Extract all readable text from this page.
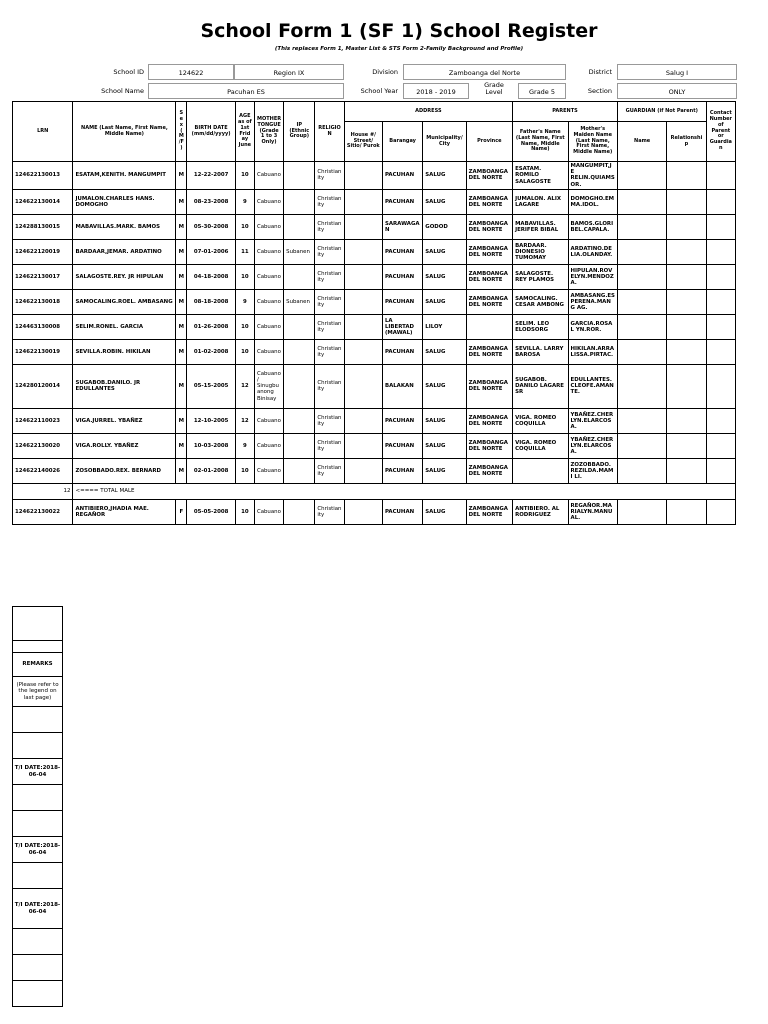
School Form 1 (SF 1) School Register
(This replaces Form 1, Master List & STS Form 2-Family Background and Profile)
School ID	124622	Region IX	Division	Zamboanga del Norte	District	Salug I
School Name	Pacuhan ES	School Year	2018 - 2019
Grade Level	Grade 5	Section	ONLY
LRN	NAME (Last Name, First Name, Middle Name)	Sex (M/F)	BIRTH DATE (mm/dd/yyyy)	AGE as of 1st Friday June	MOTHER TONGUE (Grade 1 to 3 Only)	IP (Ethnic Group)	RELIGION	ADDRESS				PARENTS		GUARDIAN (if Not Parent)		Contact Number of Parent or Guardian
								House #/ Street/ Sitio/ Purok	Barangay	Municipality/ City	Province	Father's Name (Last Name, First Name, Middle Name)	Mother's Maiden Name (Last Name, First Name, Middle Name)	Name	Relationship	
124622130013	ESATAM,KENITH. MANGUMPIT	M	12-22-2007	10	Cabuano		Christianity		PACUHAN	SALUG	ZAMBOANGA DEL NORTE	ESATAM. ROMILO SALAGOSTE	MANGUMPIT,JE RELIN.QUIAMS OR.			
124622130014	JUMALON.CHARLES HANS. DOMOGHO	M	08-23-2008	9	Cabuano		Christianity		PACUHAN	SALUG	ZAMBOANGA DEL NORTE	JUMALON. ALIX LAGARE	DOMOGHO.EM MA.IDOL.			
124288130015	MABAVILLAS.MARK. BAMOS	M	05-30-2008	10	Cabuano		Christianity		SARAWAGAN	GODOD	ZAMBOANGA DEL NORTE	MABAVILLAS. JERIFER BIBAL	BAMOS.GLORI BEL.CAPALA.			
124622120019	BARDAAR,JEMAR. ARDATINO	M	07-01-2006	11	Cabuano	Subanen	Christianity		PACUHAN	SALUG	ZAMBOANGA DEL NORTE	BARDAAR. DIONESIO TUMOMAY	ARDATINO.DE LIA.OLANDAY.			
124622130017	SALAGOSTE.REY. JR HIPULAN	M	04-18-2008	10	Cabuano		Christianity		PACUHAN	SALUG	ZAMBOANGA DEL NORTE	SALAGOSTE. REY PLAMOS	HIPULAN.ROV ELYN.MENDOZA.			
124622130018	SAMOCALING.ROEL. AMBASANG	M	08-18-2008	9	Cabuano	Subanen	Christianity		PACUHAN	SALUG	ZAMBOANGA DEL NORTE	SAMOCALING. CESAR AMBONG	AMBASANG.ES PERENA.MANG AG.			
124463130008	SELIM.RONEL. GARCIA	M	01-26-2008	10	Cabuano		Christianity		LA LIBERTAD (MAWAL)	LILOY		SELIM. LEO ELODSORG	GARCIA.ROSAL YN.ROR.			
124622130019	SEVILLA.ROBIN. HIKILAN	M	01-02-2008	10	Cabuano		Christianity		PACUHAN	SALUG	ZAMBOANGA DEL NORTE	SEVILLA. LARRY BAROSA	HIKILAN.ARRA LISSA.PIRTAC.			
124280120014	SUGABOB.DANILO. JR EDULLANTES	M	05-15-2005	12	Cabuano/ Sinugbuanong Binisay		Christianity		BALAKAN	SALUG	ZAMBOANGA DEL NORTE	SUGABOB. DANILO LAGARE SR	EDULLANTES. CLEOFE.AMAN TE.			
124622110023	VIGA.JURREL. YBAÑEZ	M	12-10-2005	12	Cabuano		Christianity		PACUHAN	SALUG	ZAMBOANGA DEL NORTE	VIGA. ROMEO COQUILLA	YBAÑEZ.CHER LYN.ELARCOS A.			
124622130020	VIGA.ROLLY. YBAÑEZ	M	10-03-2008	9	Cabuano		Christianity		PACUHAN	SALUG	ZAMBOANGA DEL NORTE	VIGA. ROMEO COQUILLA	YBAÑEZ.CHER LYN.ELARCOS A.			
124622140026	ZOSOBBADO.REX. BERNARD	M	02-01-2008	10	Cabuano		Christianity		PACUHAN	SALUG	ZAMBOANGA DEL NORTE		ZOZOBBADO. REZILDA.MAMI LI.			
12	<==== TOTAL MALE															
124622130022	ANTIBIERO,JHADIA MAE. REGAÑOR	F	05-05-2008	10	Cabuano		Christianity		PACUHAN	SALUG	ZAMBOANGA DEL NORTE	ANTIBIERO. AL RODRIGUEZ	REGAÑOR.MA RIALYN.MANUAL.			

REMARKS
(Please refer to the legend on last page)

T/I DATE:2018-06-04

T/I DATE:2018-06-04

T/I DATE:2018-06-04
